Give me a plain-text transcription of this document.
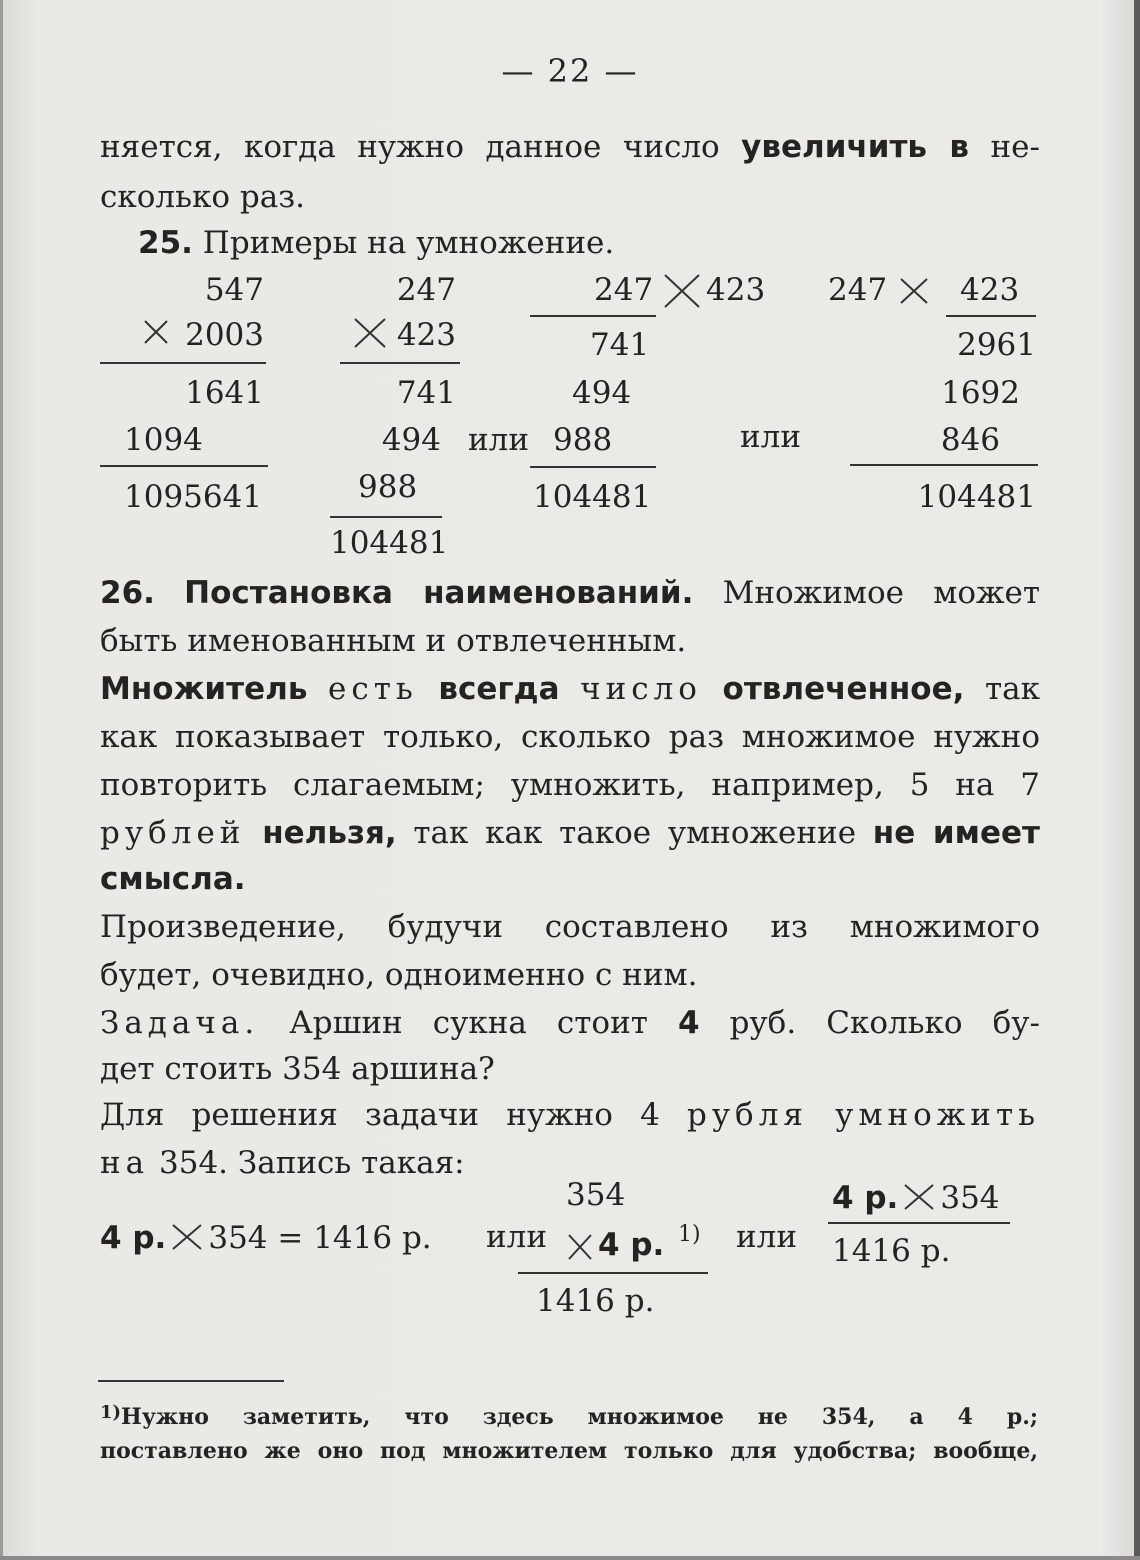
— 22 —
няется, когда нужно данное число увеличить в не-
сколько раз.
25. Примеры на умножение.
547
2003
1641
1094
1095641
247
423
741
494
988
104481
или
247 423
741
494
988
104481
или
247 423
2961
1692
846
104481
26. Постановка наименований. Множимое может
быть именованным и отвлеченным.
Множитель есть всегда число отвлеченное, так
как показывает только, сколько раз множимое нужно
повторить слагаемым; умножить, например, 5 на 7
рублей нельзя, так как такое умножение не имеет
смысла.
Произведение, будучи составлено из множимого
будет, очевидно, одноименно с ним.
Задача. Аршин сукна стоит 4 руб. Сколько бу-
дет стоить 354 аршина?
Для решения задачи нужно 4 рубля умножить
на 354. Запись такая:
4 р. 354 = 1416 р. или
354
4 р. 1)
1416 р.
или
4 р. 354
1416 р.
$^{1)}$Нужно заметить, что здесь множимое не 354, а 4 р.;
поставлено же оно под множителем только для удобства; вообще,
